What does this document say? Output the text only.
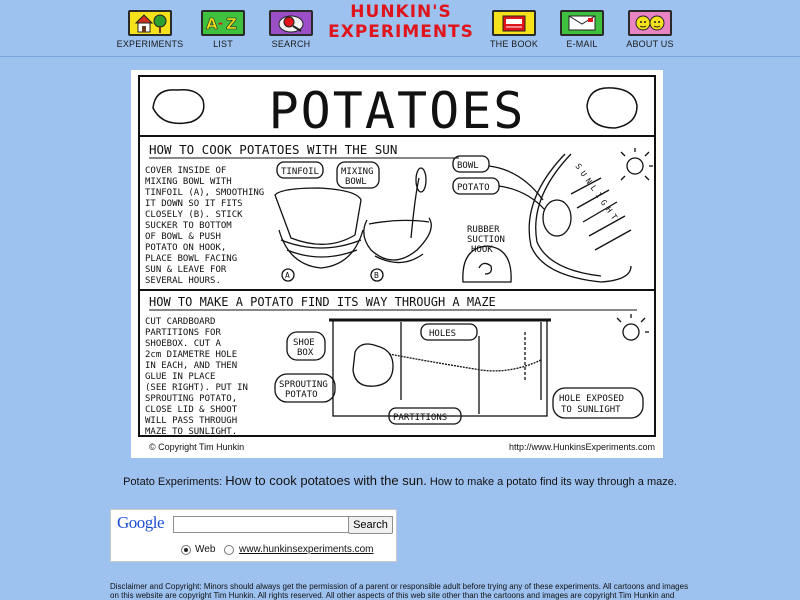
EXPERIMENTS
A - Z
LIST	SEARCH
HUNKIN'S
EXPERIMENTS
THE BOOK	E-MAIL	ABOUT US
POTATOES
HOW TO COOK POTATOES WITH THE SUN
COVER INSIDE OF
MIXING BOWL WITH
TINFOIL (A), SMOOTHING
IT DOWN SO IT FITS
CLOSELY (B). STICK
SUCKER TO BOTTOM
OF BOWL & PUSH
POTATO ON HOOK,
PLACE BOWL FACING
SUN & LEAVE FOR
SEVERAL HOURS.
TINFOIL
A
MIXING
BOWL
B
RUBBER
SUCTION
HOOK
BOWL
POTATO	SUNLIGHT
HOW TO MAKE A POTATO FIND ITS WAY THROUGH A MAZE
CUT CARDBOARD
PARTITIONS FOR
SHOEBOX. CUT A
2cm DIAMETRE HOLE
IN EACH, AND THEN
GLUE IN PLACE
(SEE RIGHT). PUT IN
SPROUTING POTATO,
CLOSE LID & SHOOT
WILL PASS THROUGH
MAZE TO SUNLIGHT.
SHOE
BOX
HOLES
SPROUTING
POTATO
PARTITIONS
HOLE EXPOSED
TO SUNLIGHT
© Copyright Tim Hunkin	http://www.HunkinsExperiments.com
Potato Experiments: How to cook potatoes with the sun. How to make a potato find its way through a maze.
Google	Search
Web www.hunkinsexperiments.com
Disclaimer and Copyright: Minors should always get the permission of a parent or responsible adult before trying any of these experiments. All cartoons and images
on this website are copyright Tim Hunkin. All rights reserved. All other aspects of this web site other than the cartoons and images are copyright Tim Hunkin and
